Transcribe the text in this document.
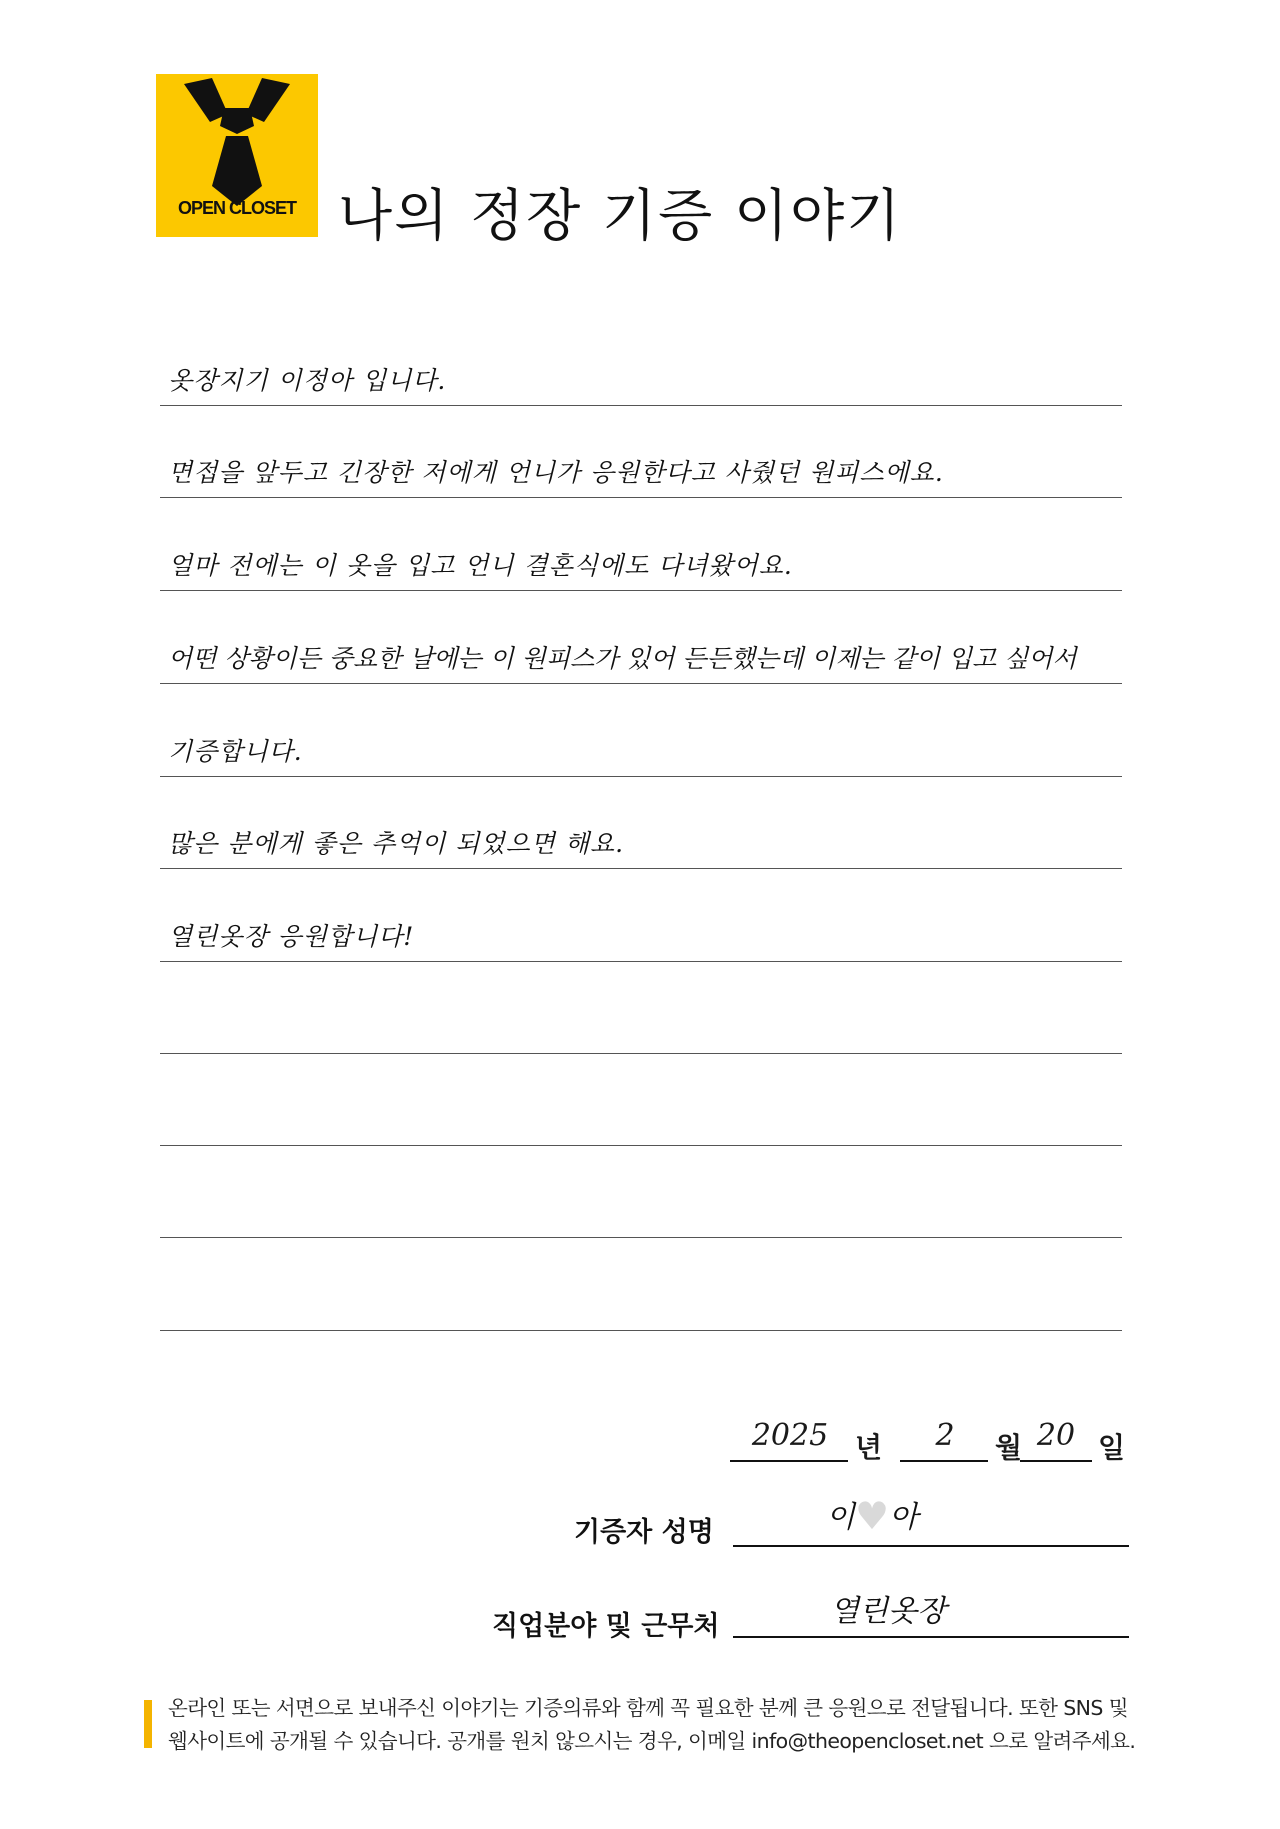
OPEN CLOSET 나의 정장 기증 이야기
옷장지기 이정아 입니다.
면접을 앞두고 긴장한 저에게 언니가 응원한다고 사줬던 원피스에요.
얼마 전에는 이 옷을 입고 언니 결혼식에도 다녀왔어요.
어떤 상황이든 중요한 날에는 이 원피스가 있어 든든했는데 이제는 같이 입고 싶어서
기증합니다.
많은 분에게 좋은 추억이 되었으면 해요.
열린옷장 응원합니다!
2025 년	2	월 20 일
기증자 성명	이♥아
직업분야 및 근무처	열린옷장
온라인 또는 서면으로 보내주신 이야기는 기증의류와 함께 꼭 필요한 분께 큰 응원으로 전달됩니다. 또한 SNS 및
웹사이트에 공개될 수 있습니다. 공개를 원치 않으시는 경우, 이메일 info@theopencloset.net 으로 알려주세요.
